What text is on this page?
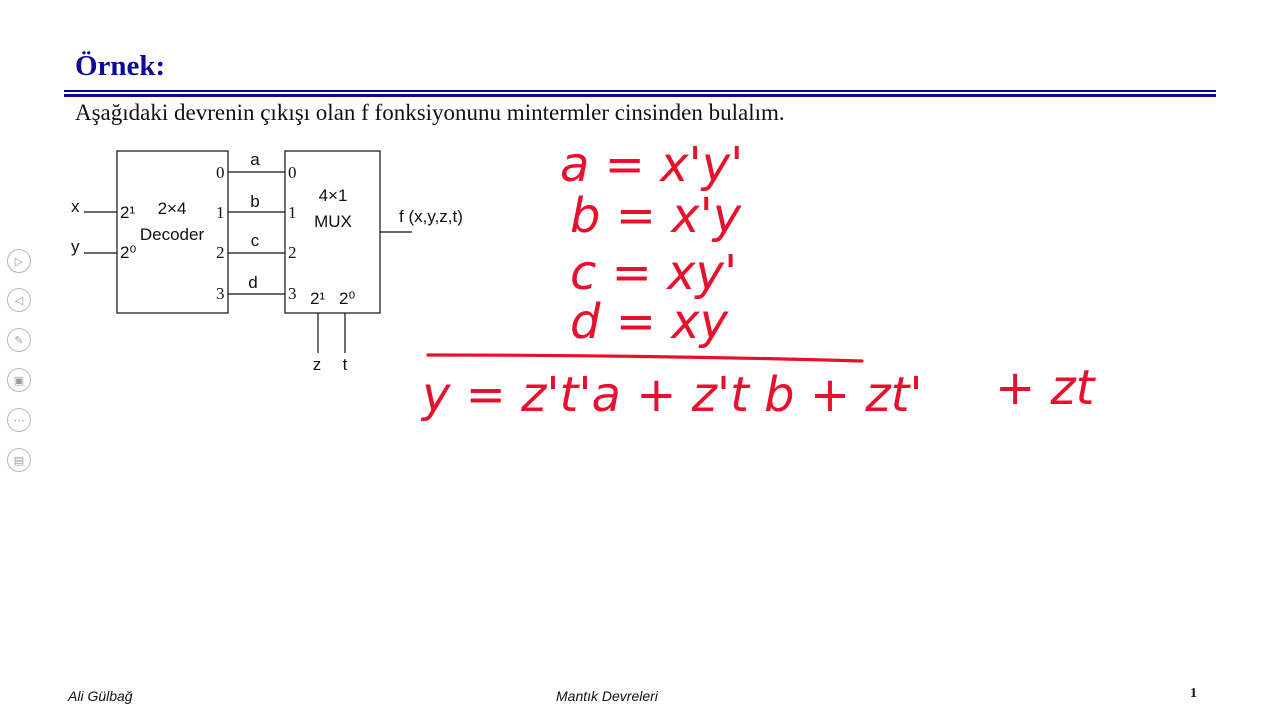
Örnek:
Aşağıdaki devrenin çıkışı olan f fonksiyonunu mintermler cinsinden bulalım.
2×4
Decoder
2¹
2⁰
0
1
2
3
x
y
a
b
c
d
4×1
MUX
0
1
2
3 2¹ 2⁰
f (x,y,z,t)
z t
a = x'y'
b = x'y
c = xy'
d = xy
y = z't'a + z't b + zt' + zt
▷
◁
✎
▣
⋯
▤
Ali Gülbağ	Mantık Devreleri	1
